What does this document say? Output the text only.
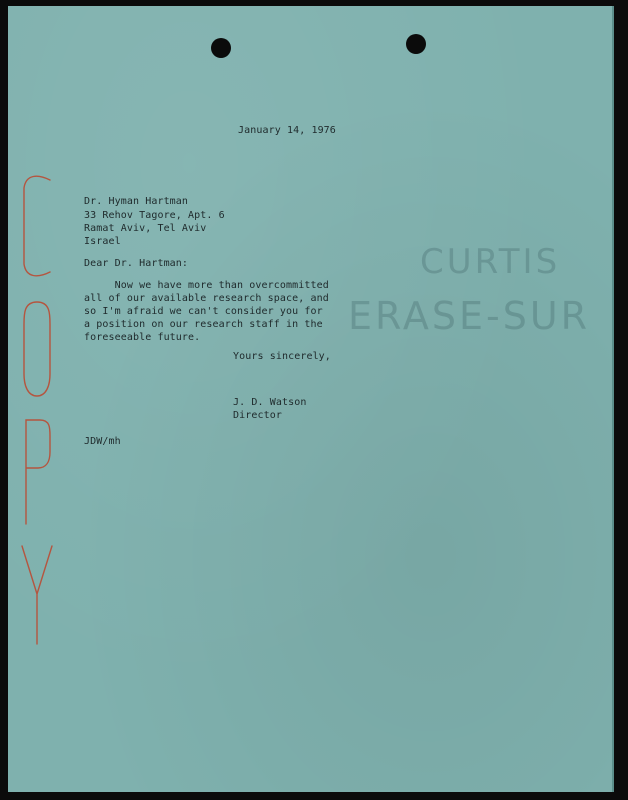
CURTIS
ERASE-SUR
January 14, 1976
Dr. Hyman Hartman
33 Rehov Tagore, Apt. 6
Ramat Aviv, Tel Aviv
Israel
Dear Dr. Hartman:
Now we have more than overcommitted
all of our available research space, and
so I'm afraid we can't consider you for
a position on our research staff in the
foreseeable future.
Yours sincerely,
J. D. Watson
Director
JDW/mh
